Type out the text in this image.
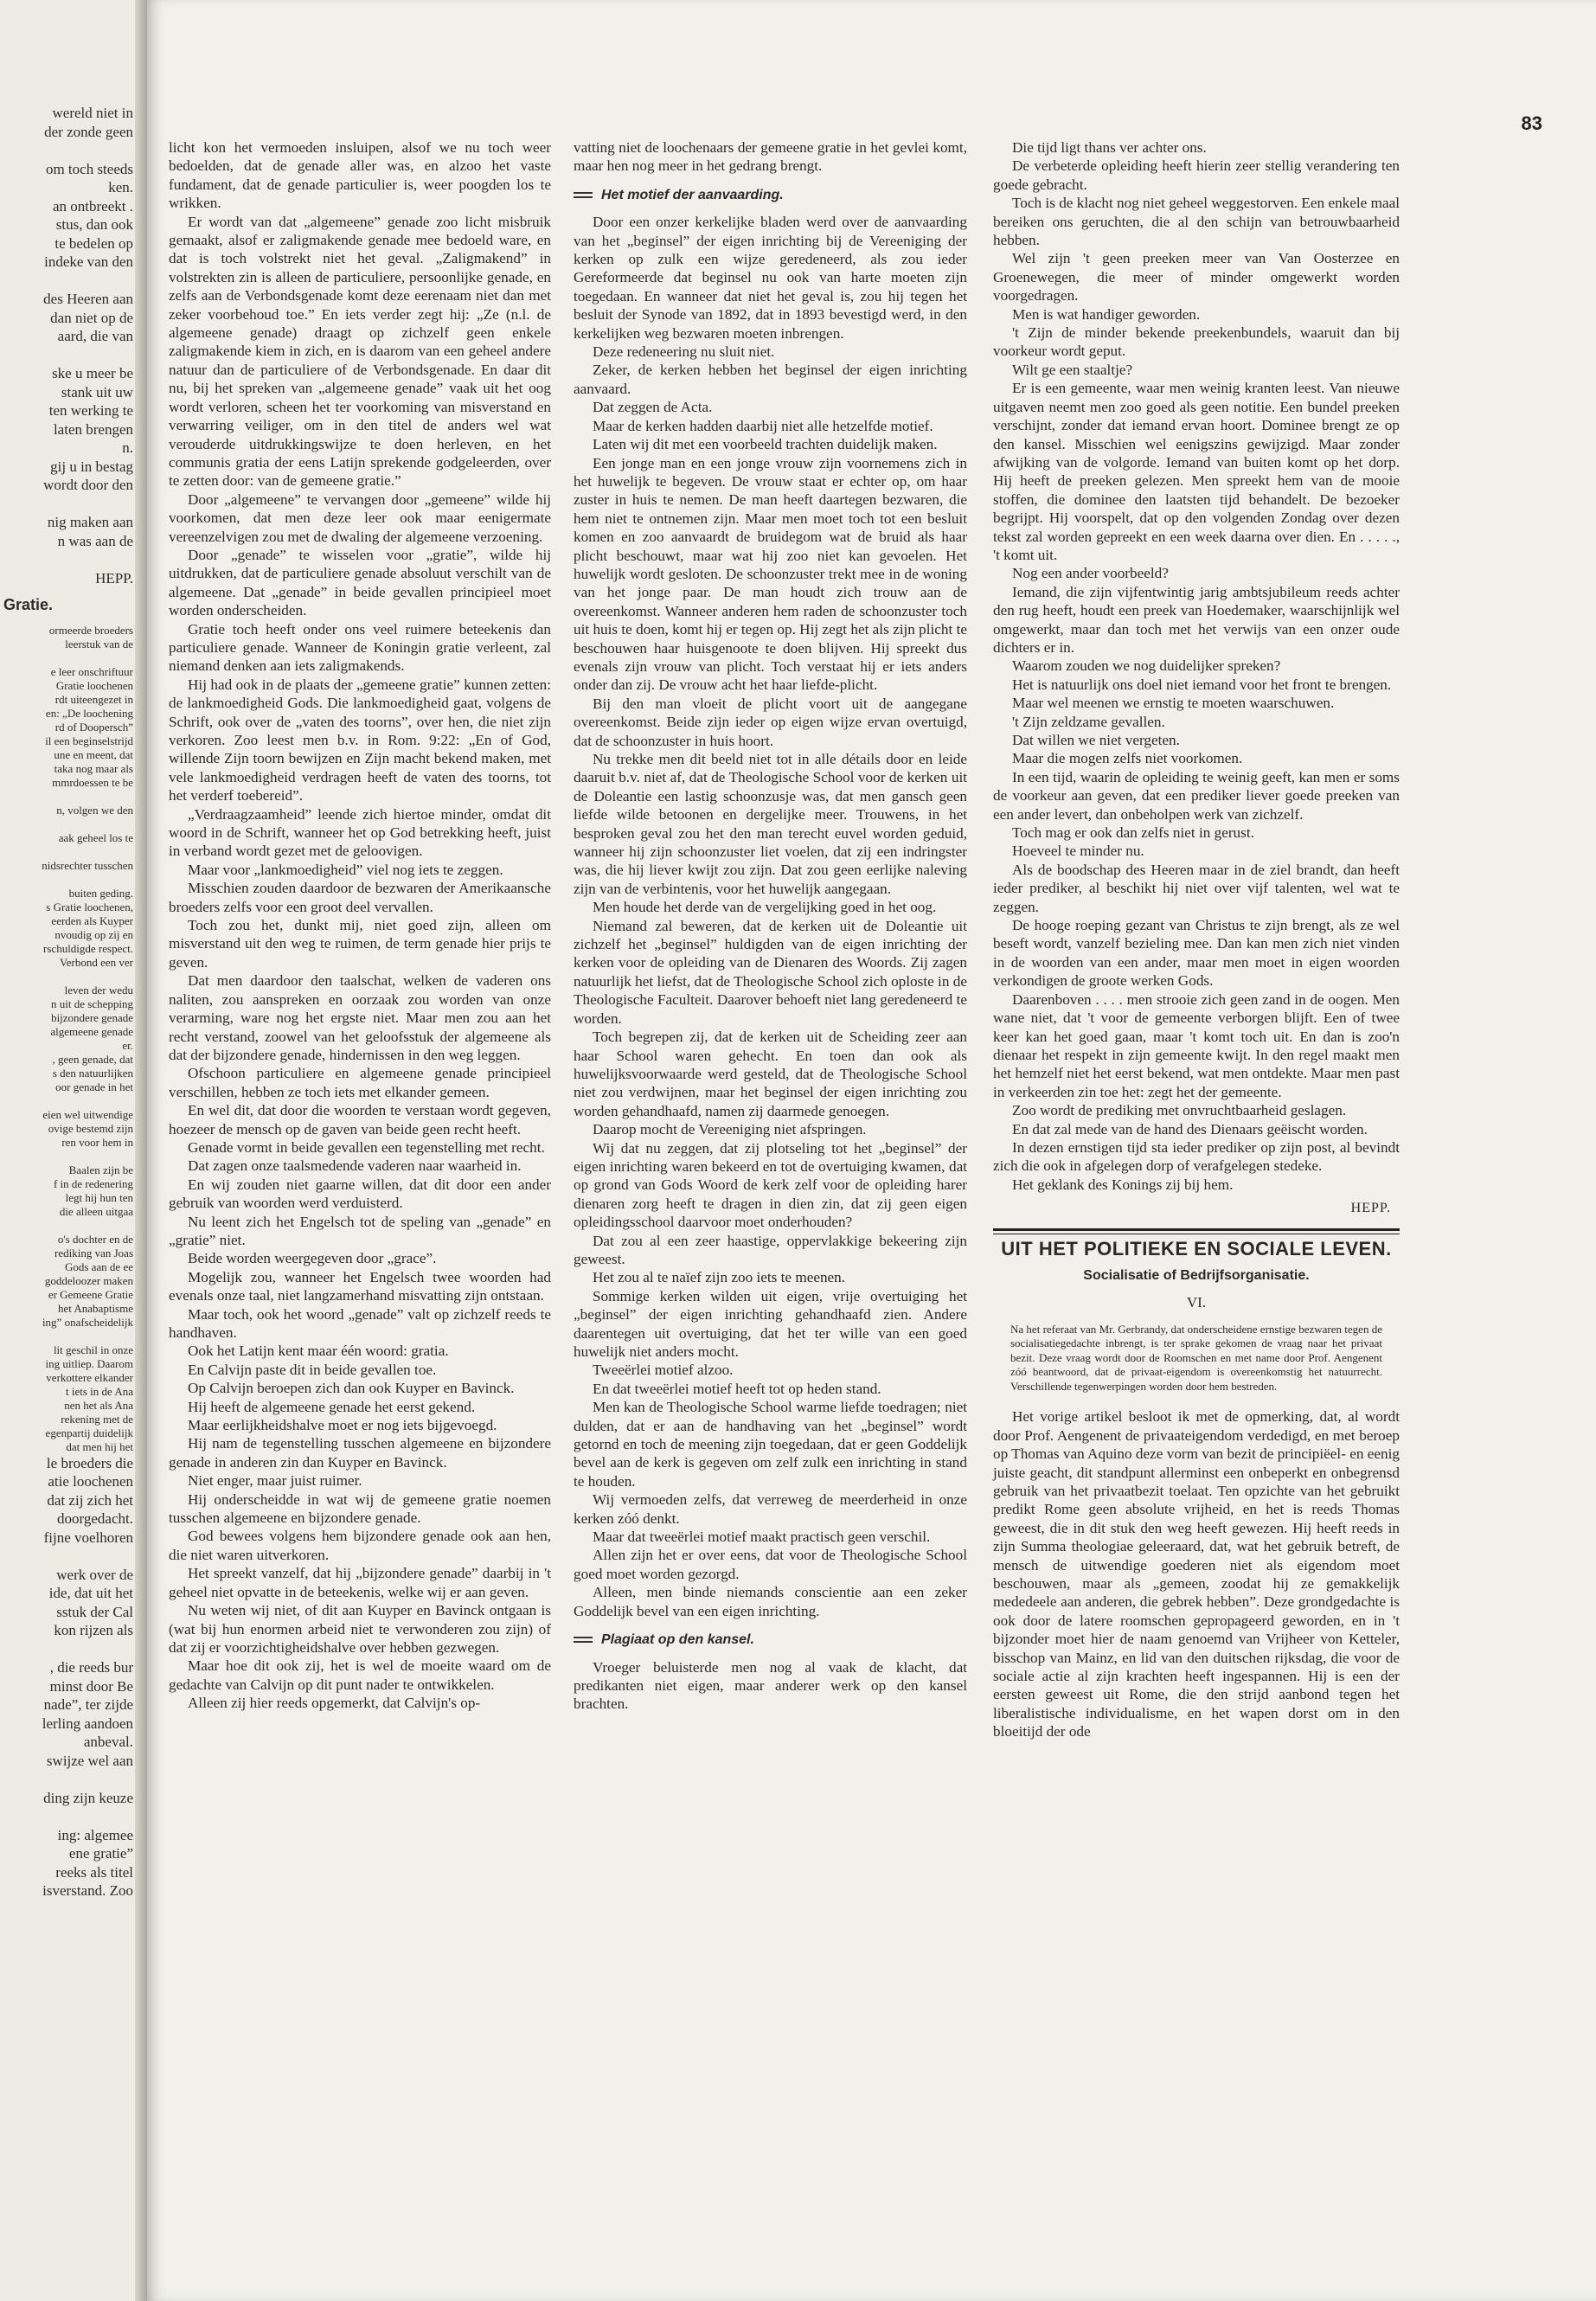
wereld niet in
der zonde geen

om toch steeds
ken.
an ontbreekt .
stus, dan ook
te bedelen op
indeke van den

des Heeren aan
dan niet op de
aard, die van

ske u meer be
stank uit uw
ten werking te
laten brengen
n.
gij u in bestag
wordt door den

nig maken aan
n was aan de

HEPP.
Gratie.
ormeerde broeders
leerstuk van de

e leer onschriftuur
Gratie loochenen
rdt uiteengezet in
en: „De loochening
rd of Doopersch”
il een beginselstrijd
une en meent, dat
taka nog maar als
mmrdoessen te be

n, volgen we den

aak geheel los te

nidsrechter tusschen

buiten geding.
s Gratie loochenen,
eerden als Kuyper
nvoudig op zij en
rschuldigde respect.
Verbond een ver

leven der wedu
n uit de schepping
bijzondere genade
algemeene genade
er.
, geen genade, dat
s den natuurlijken
oor genade in het

eien wel uitwendige
ovige bestemd zijn
ren voor hem in

Baalen zijn be
f in de redenering
legt hij hun ten
die alleen uitgaa

o's dochter en de
rediking van Joas
Gods aan de ee
goddeloozer maken
er Gemeene Gratie
het Anabaptisme
ing” onafscheidelijk

lit geschil in onze
ing uitliep. Daarom
verkottere elkander
t iets in de Ana
nen het als Ana
rekening met de
egenpartij duidelijk
dat men hij het
le broeders die
atie loochenen
dat zij zich het
doorgedacht.
fijne voelhoren

werk over de
ide, dat uit het
sstuk der Cal
kon rijzen als

, die reeds bur
minst door Be
nade”, ter zijde
lerling aandoen
anbeval.
swijze wel aan

ding zijn keuze

ing: algemee
ene gratie”
reeks als titel
isverstand. Zoo
83

licht kon het vermoeden insluipen, alsof we nu toch weer bedoelden, dat de genade aller was, en alzoo het vaste fundament, dat de genade particulier is, weer poogden los te wrikken.

Er wordt van dat „algemeene” genade zoo licht misbruik gemaakt, alsof er zaligmakende genade mee bedoeld ware, en dat is toch volstrekt niet het geval. „Zaligmakend” in volstrekten zin is alleen de particuliere, persoonlijke genade, en zelfs aan de Verbondsgenade komt deze eerenaam niet dan met zeker voorbehoud toe.” En iets verder zegt hij: „Ze (n.l. de algemeene genade) draagt op zichzelf geen enkele zaligmakende kiem in zich, en is daarom van een geheel andere natuur dan de particuliere of de Verbondsgenade. En daar dit nu, bij het spreken van „algemeene genade” vaak uit het oog wordt verloren, scheen het ter voorkoming van misverstand en verwarring veiliger, om in den titel de anders wel wat verouderde uitdrukkingswijze te doen herleven, en het communis gratia der eens Latijn sprekende godgeleerden, over te zetten door: van de gemeene gratie.”

Door „algemeene” te vervangen door „gemeene” wilde hij voorkomen, dat men deze leer ook maar eenigermate vereenzelvigen zou met de dwaling der algemeene verzoening.

Door „genade” te wisselen voor „gratie”, wilde hij uitdrukken, dat de particuliere genade absoluut verschilt van de algemeene. Dat „genade” in beide gevallen principieel moet worden onderscheiden.

Gratie toch heeft onder ons veel ruimere beteekenis dan particuliere genade. Wanneer de Koningin gratie verleent, zal niemand denken aan iets zaligmakends.

Hij had ook in de plaats der „gemeene gratie” kunnen zetten: de lankmoedigheid Gods. Die lankmoedigheid gaat, volgens de Schrift, ook over de „vaten des toorns”, over hen, die niet zijn verkoren. Zoo leest men b.v. in Rom. 9:22: „En of God, willende Zijn toorn bewijzen en Zijn macht bekend maken, met vele lankmoedigheid verdragen heeft de vaten des toorns, tot het verderf toebereid”.

„Verdraagzaamheid” leende zich hiertoe minder, omdat dit woord in de Schrift, wanneer het op God betrekking heeft, juist in verband wordt gezet met de geloovigen.

Maar voor „lankmoedigheid” viel nog iets te zeggen.

Misschien zouden daardoor de bezwaren der Amerikaansche broeders zelfs voor een groot deel vervallen.

Toch zou het, dunkt mij, niet goed zijn, alleen om misverstand uit den weg te ruimen, de term genade hier prijs te geven.

Dat men daardoor den taalschat, welken de vaderen ons naliten, zou aanspreken en oorzaak zou worden van onze verarming, ware nog het ergste niet. Maar men zou aan het recht verstand, zoowel van het geloofsstuk der algemeene als dat der bijzondere genade, hindernissen in den weg leggen.

Ofschoon particuliere en algemeene genade principieel verschillen, hebben ze toch iets met elkander gemeen.

En wel dit, dat door die woorden te verstaan wordt gegeven, hoezeer de mensch op de gaven van beide geen recht heeft.

Genade vormt in beide gevallen een tegenstelling met recht.

Dat zagen onze taalsmedende vaderen naar waarheid in.

En wij zouden niet gaarne willen, dat dit door een ander gebruik van woorden werd verduisterd.

Nu leent zich het Engelsch tot de speling van „genade” en „gratie” niet.

Beide worden weergegeven door „grace”.

Mogelijk zou, wanneer het Engelsch twee woorden had evenals onze taal, niet langzamerhand misvatting zijn ontstaan.

Maar toch, ook het woord „genade” valt op zichzelf reeds te handhaven.

Ook het Latijn kent maar één woord: gratia.

En Calvijn paste dit in beide gevallen toe.

Op Calvijn beroepen zich dan ook Kuyper en Bavinck.

Hij heeft de algemeene genade het eerst gekend.

Maar eerlijkheidshalve moet er nog iets bijgevoegd.

Hij nam de tegenstelling tusschen algemeene en bijzondere genade in anderen zin dan Kuyper en Bavinck.

Niet enger, maar juist ruimer.

Hij onderscheidde in wat wij de gemeene gratie noemen tusschen algemeene en bijzondere genade.

God bewees volgens hem bijzondere genade ook aan hen, die niet waren uitverkoren.

Het spreekt vanzelf, dat hij „bijzondere genade” daarbij in 't geheel niet opvatte in de beteekenis, welke wij er aan geven.

Nu weten wij niet, of dit aan Kuyper en Bavinck ontgaan is (wat bij hun enormen arbeid niet te verwonderen zou zijn) of dat zij er voorzichtigheidshalve over hebben gezwegen.

Maar hoe dit ook zij, het is wel de moeite waard om de gedachte van Calvijn op dit punt nader te ontwikkelen.

Alleen zij hier reeds opgemerkt, dat Calvijn's op-

vatting niet de loochenaars der gemeene gratie in het gevlei komt, maar hen nog meer in het gedrang brengt.

Het motief der aanvaarding.

Door een onzer kerkelijke bladen werd over de aanvaarding van het „beginsel” der eigen inrichting bij de Vereeniging der kerken op zulk een wijze geredeneerd, als zou ieder Gereformeerde dat beginsel nu ook van harte moeten zijn toegedaan. En wanneer dat niet het geval is, zou hij tegen het besluit der Synode van 1892, dat in 1893 bevestigd werd, in den kerkelijken weg bezwaren moeten inbrengen.

Deze redeneering nu sluit niet.

Zeker, de kerken hebben het beginsel der eigen inrichting aanvaard.

Dat zeggen de Acta.

Maar de kerken hadden daarbij niet alle hetzelfde motief.

Laten wij dit met een voorbeeld trachten duidelijk maken.

Een jonge man en een jonge vrouw zijn voornemens zich in het huwelijk te begeven. De vrouw staat er echter op, om haar zuster in huis te nemen. De man heeft daartegen bezwaren, die hem niet te ontnemen zijn. Maar men moet toch tot een besluit komen en zoo aanvaardt de bruidegom wat de bruid als haar plicht beschouwt, maar wat hij zoo niet kan gevoelen. Het huwelijk wordt gesloten. De schoonzuster trekt mee in de woning van het jonge paar. De man houdt zich trouw aan de overeenkomst. Wanneer anderen hem raden de schoonzuster toch uit huis te doen, komt hij er tegen op. Hij zegt het als zijn plicht te beschouwen haar huisgenoote te doen blijven. Hij spreekt dus evenals zijn vrouw van plicht. Toch verstaat hij er iets anders onder dan zij. De vrouw acht het haar liefde-plicht.

Bij den man vloeit de plicht voort uit de aangegane overeenkomst. Beide zijn ieder op eigen wijze ervan overtuigd, dat de schoonzuster in huis hoort.

Nu trekke men dit beeld niet tot in alle détails door en leide daaruit b.v. niet af, dat de Theologische School voor de kerken uit de Doleantie een lastig schoonzusje was, dat men gansch geen liefde wilde betoonen en dergelijke meer. Trouwens, in het besproken geval zou het den man terecht euvel worden geduid, wanneer hij zijn schoonzuster liet voelen, dat zij een indringster was, die hij liever kwijt zou zijn. Dat zou geen eerlijke naleving zijn van de verbintenis, voor het huwelijk aangegaan.

Men houde het derde van de vergelijking goed in het oog.

Niemand zal beweren, dat de kerken uit de Doleantie uit zichzelf het „beginsel” huldigden van de eigen inrichting der kerken voor de opleiding van de Dienaren des Woords. Zij zagen natuurlijk het liefst, dat de Theologische School zich oploste in de Theologische Faculteit. Daarover behoeft niet lang geredeneerd te worden.

Toch begrepen zij, dat de kerken uit de Scheiding zeer aan haar School waren gehecht. En toen dan ook als huwelijksvoorwaarde werd gesteld, dat de Theologische School niet zou verdwijnen, maar het beginsel der eigen inrichting zou worden gehandhaafd, namen zij daarmede genoegen.

Daarop mocht de Vereeniging niet afspringen.

Wij dat nu zeggen, dat zij plotseling tot het „beginsel” der eigen inrichting waren bekeerd en tot de overtuiging kwamen, dat op grond van Gods Woord de kerk zelf voor de opleiding harer dienaren zorg heeft te dragen in dien zin, dat zij geen eigen opleidingsschool daarvoor moet onderhouden?

Dat zou al een zeer haastige, oppervlakkige bekeering zijn geweest.

Het zou al te naïef zijn zoo iets te meenen.

Sommige kerken wilden uit eigen, vrije overtuiging het „beginsel” der eigen inrichting gehandhaafd zien. Andere daarentegen uit overtuiging, dat het ter wille van een goed huwelijk niet anders mocht.

Tweeërlei motief alzoo.

En dat tweeërlei motief heeft tot op heden stand.

Men kan de Theologische School warme liefde toedragen; niet dulden, dat er aan de handhaving van het „beginsel” wordt getornd en toch de meening zijn toegedaan, dat er geen Goddelijk bevel aan de kerk is gegeven om zelf zulk een inrichting in stand te houden.

Wij vermoeden zelfs, dat verreweg de meerderheid in onze kerken zóó denkt.

Maar dat tweeërlei motief maakt practisch geen verschil.

Allen zijn het er over eens, dat voor de Theologische School goed moet worden gezorgd.

Alleen, men binde niemands conscientie aan een zeker Goddelijk bevel van een eigen inrichting.

Plagiaat op den kansel.

Vroeger beluisterde men nog al vaak de klacht, dat predikanten niet eigen, maar anderer werk op den kansel brachten.

Die tijd ligt thans ver achter ons.

De verbeterde opleiding heeft hierin zeer stellig verandering ten goede gebracht.

Toch is de klacht nog niet geheel weggestorven. Een enkele maal bereiken ons geruchten, die al den schijn van betrouwbaarheid hebben.

Wel zijn 't geen preeken meer van Van Oosterzee en Groenewegen, die meer of minder omgewerkt worden voorgedragen.

Men is wat handiger geworden.

't Zijn de minder bekende preekenbundels, waaruit dan bij voorkeur wordt geput.

Wilt ge een staaltje?

Er is een gemeente, waar men weinig kranten leest. Van nieuwe uitgaven neemt men zoo goed als geen notitie. Een bundel preeken verschijnt, zonder dat iemand ervan hoort. Dominee brengt ze op den kansel. Misschien wel eenigszins gewijzigd. Maar zonder afwijking van de volgorde. Iemand van buiten komt op het dorp. Hij heeft de preeken gelezen. Men spreekt hem van de mooie stoffen, die dominee den laatsten tijd behandelt. De bezoeker begrijpt. Hij voorspelt, dat op den volgenden Zondag over dezen tekst zal worden gepreekt en een week daarna over dien. En . . . . ., 't komt uit.

Nog een ander voorbeeld?

Iemand, die zijn vijfentwintig jarig ambtsjubileum reeds achter den rug heeft, houdt een preek van Hoedemaker, waarschijnlijk wel omgewerkt, maar dan toch met het verwijs van een onzer oude dichters er in.

Waarom zouden we nog duidelijker spreken?

Het is natuurlijk ons doel niet iemand voor het front te brengen.

Maar wel meenen we ernstig te moeten waarschuwen.

't Zijn zeldzame gevallen.

Dat willen we niet vergeten.

Maar die mogen zelfs niet voorkomen.

In een tijd, waarin de opleiding te weinig geeft, kan men er soms de voorkeur aan geven, dat een prediker liever goede preeken van een ander levert, dan onbeholpen werk van zichzelf.

Toch mag er ook dan zelfs niet in gerust.

Hoeveel te minder nu.

Als de boodschap des Heeren maar in de ziel brandt, dan heeft ieder prediker, al beschikt hij niet over vijf talenten, wel wat te zeggen.

De hooge roeping gezant van Christus te zijn brengt, als ze wel beseft wordt, vanzelf bezieling mee. Dan kan men zich niet vinden in de woorden van een ander, maar men moet in eigen woorden verkondigen de groote werken Gods.

Daarenboven . . . . men strooie zich geen zand in de oogen. Men wane niet, dat 't voor de gemeente verborgen blijft. Een of twee keer kan het goed gaan, maar 't komt toch uit. En dan is zoo'n dienaar het respekt in zijn gemeente kwijt. In den regel maakt men het hemzelf niet het eerst bekend, wat men ontdekte. Maar men past in verkeerden zin toe het: zegt het der gemeente.

Zoo wordt de prediking met onvruchtbaarheid geslagen.

En dat zal mede van de hand des Dienaars geëischt worden.

In dezen ernstigen tijd sta ieder prediker op zijn post, al bevindt zich die ook in afgelegen dorp of verafgelegen stedeke.

Het geklank des Konings zij bij hem.

HEPP.
UIT HET POLITIEKE EN SOCIALE LEVEN.
Socialisatie of Bedrijfsorganisatie.
VI.
Na het referaat van Mr. Gerbrandy, dat onderscheidene ernstige bezwaren tegen de socialisatiegedachte inbrengt, is ter sprake gekomen de vraag naar het privaat bezit. Deze vraag wordt door de Roomschen en met name door Prof. Aengenent zóó beantwoord, dat de privaat-eigendom is overeenkomstig het natuurrecht. Verschillende tegenwerpingen worden door hem bestreden.

Het vorige artikel besloot ik met de opmerking, dat, al wordt door Prof. Aengenent de privaateigendom verdedigd, en met beroep op Thomas van Aquino deze vorm van bezit de principiëel- en eenig juiste geacht, dit standpunt allerminst een onbeperkt en onbegrensd gebruik van het privaatbezit toelaat. Ten opzichte van het gebruikt predikt Rome geen absolute vrijheid, en het is reeds Thomas geweest, die in dit stuk den weg heeft gewezen. Hij heeft reeds in zijn Summa theologiae geleeraard, dat, wat het gebruik betreft, de mensch de uitwendige goederen niet als eigendom moet beschouwen, maar als „gemeen, zoodat hij ze gemakkelijk mededeele aan anderen, die gebrek hebben”. Deze grondgedachte is ook door de latere roomschen gepropageerd geworden, en in 't bijzonder moet hier de naam genoemd van Vrijheer von Ketteler, bisschop van Mainz, en lid van den duitschen rijksdag, die voor de sociale actie al zijn krachten heeft ingespannen. Hij is een der eersten geweest uit Rome, die den strijd aanbond tegen het liberalistische individualisme, en het wapen dorst om in den bloeitijd der ode
